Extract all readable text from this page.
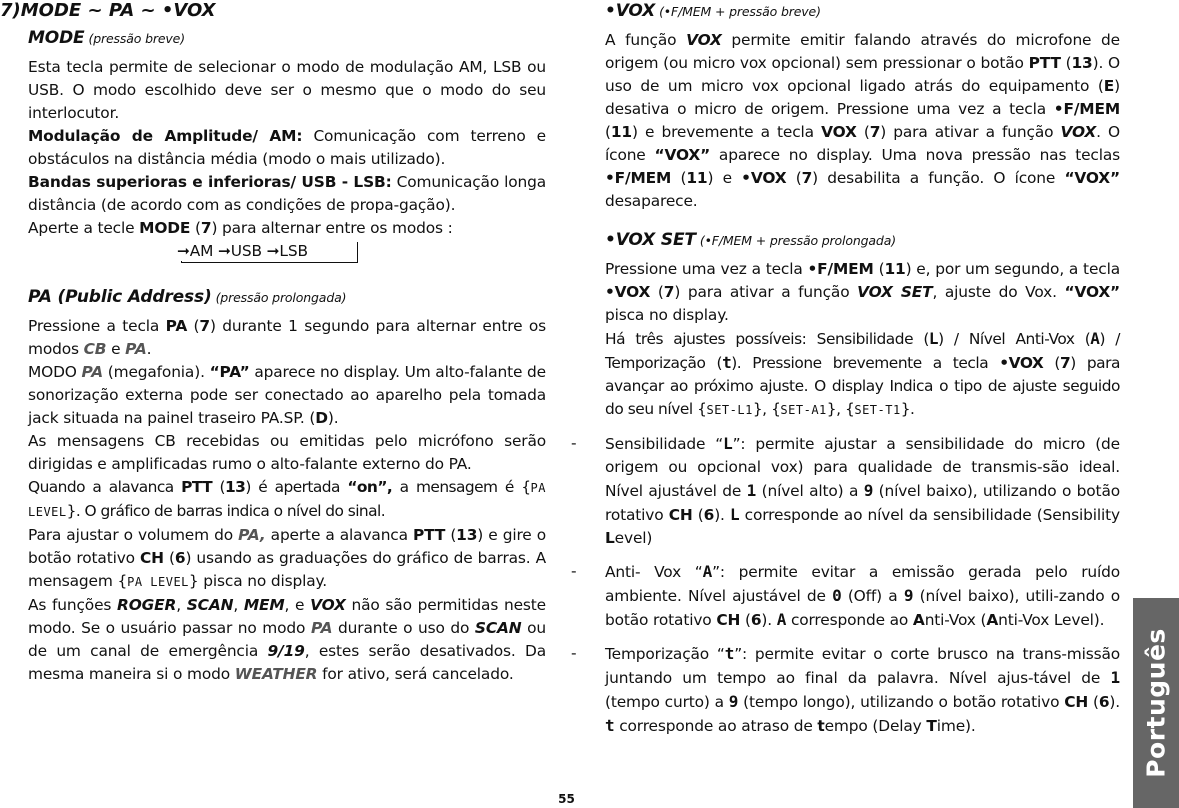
7)MODE ~ PA ~ •VOX
MODE (pressão breve)

Esta tecla permite de selecionar o modo de modulação AM, LSB ou USB. O modo escolhido deve ser o mesmo que o modo do seu interlocutor.

Modulação de Amplitude/ AM: Comunicação com terreno e obstáculos na distância média (modo o mais utilizado).

Bandas superioras e inferioras/ USB - LSB: Comunicação longa distância (de acordo com as condições de propa-gação).

Aperte a tecle MODE (7) para alternar entre os modos :

➞AM ➞USB ➞LSB
PA (Public Address) (pressão prolongada)

Pressione a tecla PA (7) durante 1 segundo para alternar entre os modos CB e PA.

MODO PA (megafonia). “PA” aparece no display. Um alto-falante de sonorização externa pode ser conectado ao aparelho pela tomada jack situada na painel traseiro PA.SP. (D).

As mensagens CB recebidas ou emitidas pelo micrófono serão dirigidas e amplificadas rumo o alto-falante externo do PA.

Quando a alavanca PTT (13) é apertada “on”, a mensagem é {PA LEVEL}. O gráfico de barras indica o nível do sinal.

Para ajustar o volumem do PA, aperte a alavanca PTT (13) e gire o botão rotativo CH (6) usando as graduações do gráfico de barras. A mensagem {PA LEVEL} pisca no display.

As funções ROGER, SCAN, MEM, e VOX não são permitidas neste modo. Se o usuário passar no modo PA durante o uso do SCAN ou de um canal de emergência 9/19, estes serão desativados. Da mesma maneira si o modo WEATHER for ativo, será cancelado.

•VOX (•F/MEM + pressão breve)

A função VOX permite emitir falando através do microfone de origem (ou micro vox opcional) sem pressionar o botão PTT (13). O uso de um micro vox opcional ligado atrás do equipamento (E) desativa o micro de origem. Pressione uma vez a tecla •F/MEM (11) e brevemente a tecla VOX (7) para ativar a função VOX. O ícone “VOX” aparece no display. Uma nova pressão nas teclas •F/MEM (11) e •VOX (7) desabilita a função. O ícone “VOX” desaparece.

•VOX SET (•F/MEM + pressão prolongada)

Pressione uma vez a tecla •F/MEM (11) e, por um segundo, a tecla •VOX (7) para ativar a função VOX SET, ajuste do Vox. “VOX” pisca no display.

Há três ajustes possíveis: Sensibilidade (L) / Nível Anti-Vox (A) / Temporização (t). Pressione brevemente a tecla •VOX (7) para avançar ao próximo ajuste. O display Indica o tipo de ajuste seguido do seu nível {SET-L1}, {SET-A1}, {SET-T1}.

- Sensibilidade “L”: permite ajustar a sensibilidade do micro (de origem ou opcional vox) para qualidade de transmis-são ideal. Nível ajustável de 1 (nível alto) a 9 (nível baixo), utilizando o botão rotativo CH (6). L corresponde ao nível da sensibilidade (Sensibility Level)

- Anti- Vox “A”: permite evitar a emissão gerada pelo ruído ambiente. Nível ajustável de 0 (Off) a 9 (nível baixo), utili-zando o botão rotativo CH (6). A corresponde ao Anti-Vox (Anti-Vox Level).

- Temporização “t”: permite evitar o corte brusco na trans-missão juntando um tempo ao final da palavra. Nível ajus-tável de 1 (tempo curto) a 9 (tempo longo), utilizando o botão rotativo CH (6). t corresponde ao atraso de tempo (Delay Time).	Português
55
